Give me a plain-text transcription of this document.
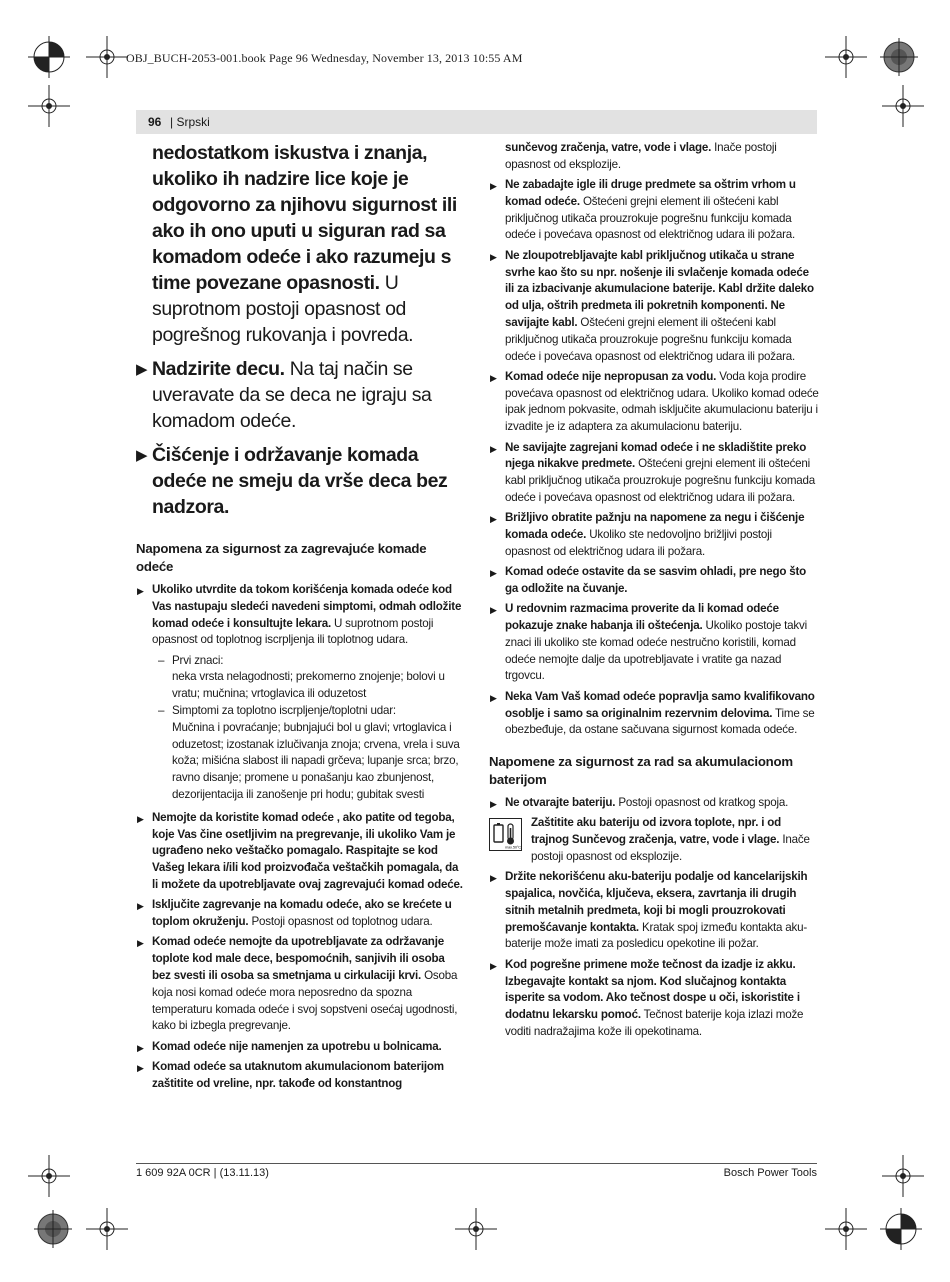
OBJ_BUCH-2053-001.book Page 96 Wednesday, November 13, 2013 10:55 AM
96 | Srpski

nedostatkom iskustva i znanja, ukoliko ih nadzire lice koje je odgovorno za njihovu sigurnost ili ako ih ono uputi u siguran rad sa komadom odeće i ako razumeju s time povezane opasnosti. U suprotnom postoji opasnost od pogrešnog rukovanja i povreda.

▶ Nadzirite decu. Na taj način se uveravate da se deca ne igraju sa komadom odeće.

▶ Čišćenje i održavanje komada odeće ne smeju da vrše deca bez nadzora.

Napomena za sigurnost za zagrevajuće komade odeće

▶ Ukoliko utvrdite da tokom korišćenja komada odeće kod Vas nastupaju sledeći navedeni simptomi, odmah odložite komad odeće i konsultujte lekara. U suprotnom postoji opasnost od toplotnog iscrpljenja ili toplotnog udara.

– Prvi znaci:
neka vrsta nelagodnosti; prekomerno znojenje; bolovi u vratu; mučnina; vrtoglavica ili oduzetost

– Simptomi za toplotno iscrpljenje/toplotni udar:
Mučnina i povraćanje; bubnjajući bol u glavi; vrtoglavica i oduzetost; izostanak izlučivanja znoja; crvena, vrela i suva koža; mišićna slabost ili napadi grčeva; lupanje srca; brzo, ravno disanje; promene u ponašanju kao zbunjenost, dezorijentacija ili zanošenje pri hodu; gubitak svesti

▶ Nemojte da koristite komad odeće , ako patite od tegoba, koje Vas čine osetljivim na pregrevanje, ili ukoliko Vam je ugrađeno neko veštačko pomagalo. Raspitajte se kod Vašeg lekara i/ili kod proizvođača veštačkih pomagala, da li možete da upotrebljavate ovaj zagrevajući komad odeće.

▶ Isključite zagrevanje na komadu odeće, ako se krećete u toplom okruženju. Postoji opasnost od toplotnog udara.

▶ Komad odeće nemojte da upotrebljavate za održavanje toplote kod male dece, bespomoćnih, sanjivih ili osoba bez svesti ili osoba sa smetnjama u cirkulaciji krvi. Osoba koja nosi komad odeće mora neposredno da spozna temperaturu komada odeće i svoj sopstveni osećaj ugodnosti, kako bi izbegla pregrevanje.

▶ Komad odeće nije namenjen za upotrebu u bolnicama.

▶ Komad odeće sa utaknutom akumulacionom baterijom zaštitite od vreline, npr. takođe od konstantnog

sunčevog zračenja, vatre, vode i vlage. Inače postoji opasnost od eksplozije.

▶ Ne zabadajte igle ili druge predmete sa oštrim vrhom u komad odeće. Oštećeni grejni element ili oštećeni kabl priključnog utikača prouzrokuje pogrešnu funkciju komada odeće i povećava opasnost od električnog udara ili požara.

▶ Ne zloupotrebljavajte kabl priključnog utikača u strane svrhe kao što su npr. nošenje ili svlačenje komada odeće ili za izbacivanje akumulacione baterije. Kabl držite daleko od ulja, oštrih predmeta ili pokretnih komponenti. Ne savijajte kabl. Oštećeni grejni element ili oštećeni kabl priključnog utikača prouzrokuje pogrešnu funkciju komada odeće i povećava opasnost od električnog udara ili požara.

▶ Komad odeće nije nepropusan za vodu. Voda koja prodire povećava opasnost od električnog udara. Ukoliko komad odeće ipak jednom pokvasite, odmah isključite akumulacionu bateriju i izvadite je iz adaptera za akumulacionu bateriju.

▶ Ne savijajte zagrejani komad odeće i ne skladištite preko njega nikakve predmete. Oštećeni grejni element ili oštećeni kabl priključnog utikača prouzrokuje pogrešnu funkciju komada odeće i povećava opasnost od električnog udara ili požara.

▶ Brižljivo obratite pažnju na napomene za negu i čišćenje komada odeće. Ukoliko ste nedovoljno brižljivi postoji opasnost od električnog udara ili požara.

▶ Komad odeće ostavite da se sasvim ohladi, pre nego što ga odložite na čuvanje.

▶ U redovnim razmacima proverite da li komad odeće pokazuje znake habanja ili oštećenja. Ukoliko postoje takvi znaci ili ukoliko ste komad odeće nestručno koristili, komad odeće nemojte dalje da upotrebljavate i vratite ga nazad trgovcu.

▶ Neka Vam Vaš komad odeće popravlja samo kvalifikovano osoblje i samo sa originalnim rezervnim delovima. Time se obezbeđuje, da ostane sačuvana sigurnost komada odeće.

Napomene za sigurnost za rad sa akumulacionom baterijom

▶ Ne otvarajte bateriju. Postoji opasnost od kratkog spoja.

max.50°C
Zaštitite aku bateriju od izvora toplote, npr. i od trajnog Sunčevog zračenja, vatre, vode i vlage. Inače postoji opasnost od eksplozije.

▶ Držite nekorišćenu aku-bateriju podalje od kancelarijskih spajalica, novčića, ključeva, eksera, zavrtanja ili drugih sitnih metalnih predmeta, koji bi mogli prouzrokovati premošćavanje kontakta. Kratak spoj između kontakta aku-baterije može imati za posledicu opekotine ili požar.

▶ Kod pogrešne primene može tečnost da izadje iz akku. Izbegavajte kontakt sa njom. Kod slučajnog kontakta isperite sa vodom. Ako tečnost dospe u oči, iskoristite i dodatnu lekarsku pomoć. Tečnost baterije koja izlazi može voditi nadražajima kože ili opekotinama.

1 609 92A 0CR | (13.11.13)	Bosch Power Tools
